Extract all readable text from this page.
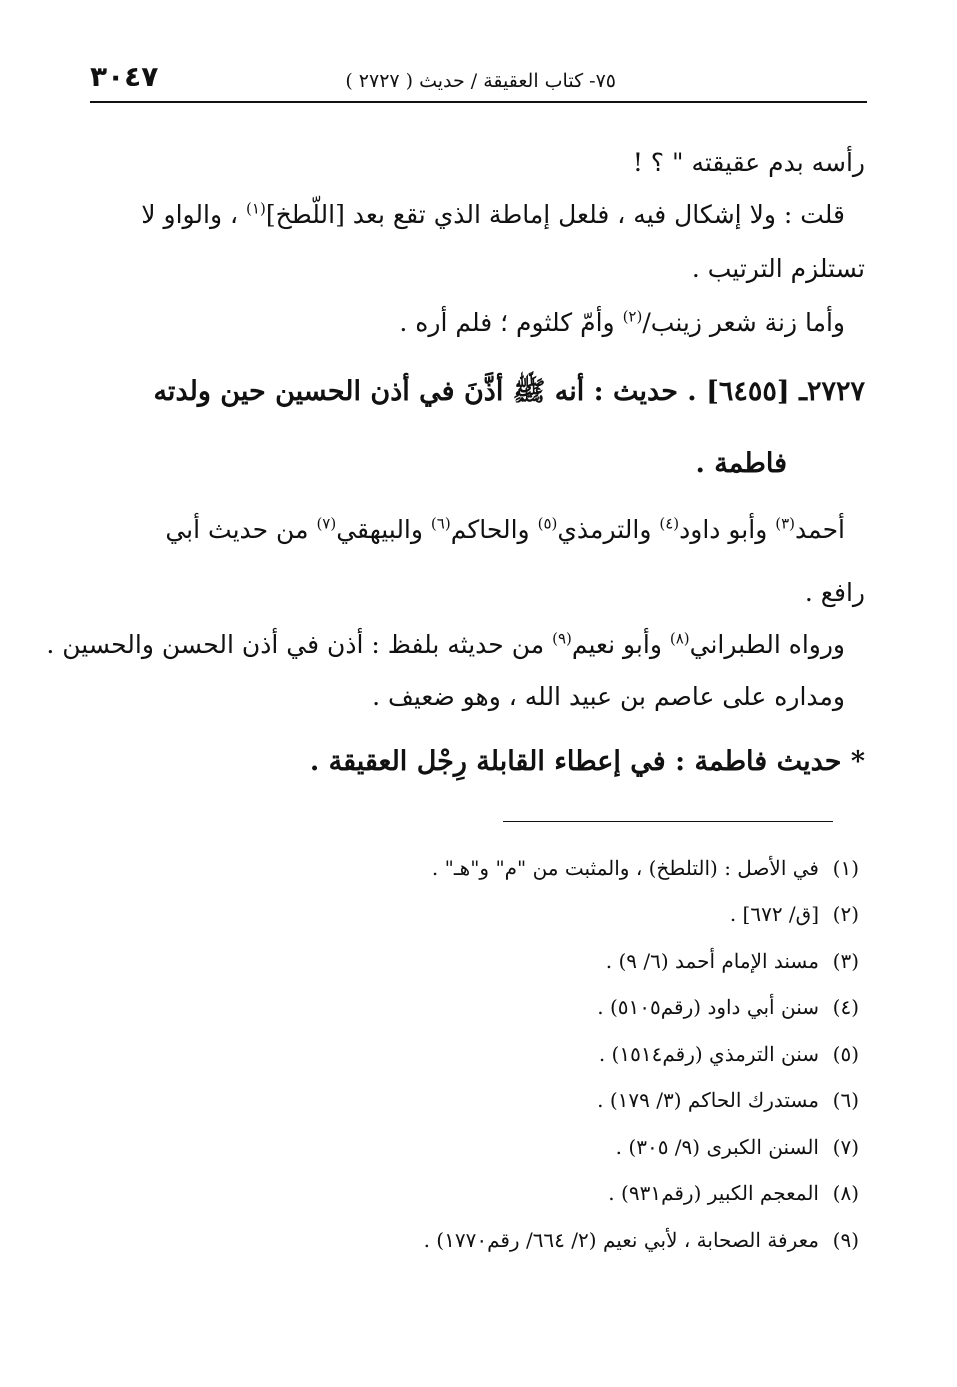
٧٥- كتاب العقيقة / حديث ( ٢٧٢٧ )
٣٠٤٧
رأسه بدم عقيقته " ؟ !
قلت : ولا إشكال فيه ، فلعل إماطة الذي تقع بعد [اللّطخ]$^{(١)}$ ، والواو لا
تستلزم الترتيب .
وأما زنة شعر زينب/$^{(٢)}$ وأمّ كلثوم ؛ فلم أره .
٢٧٢٧ـ [٦٤٥٥] . حديث : أنه ﷺ أذَّنَ في أذن الحسين حين ولدته
فاطمة .
أحمد$^{(٣)}$ وأبو داود$^{(٤)}$ والترمذي$^{(٥)}$ والحاكم$^{(٦)}$ والبيهقي$^{(٧)}$ من حديث أبي
رافع .
ورواه الطبراني$^{(٨)}$ وأبو نعيم$^{(٩)}$ من حديثه بلفظ : أذن في أذن الحسن والحسين .
ومداره على عاصم بن عبيد الله ، وهو ضعيف .
* حديث فاطمة : في إعطاء القابلة رِجْل العقيقة .
(١)في الأصل : (التلطخ) ، والمثبت من "م" و"هـ" .
(٢)[ق/ ٦٧٢] .
(٣)مسند الإمام أحمد (٦/ ٩) .
(٤)سنن أبي داود (رقم٥١٠٥) .
(٥)سنن الترمذي (رقم١٥١٤) .
(٦)مستدرك الحاكم (٣/ ١٧٩) .
(٧)السنن الكبرى (٩/ ٣٠٥) .
(٨)المعجم الكبير (رقم٩٣١) .
(٩)معرفة الصحابة ، لأبي نعيم (٢/ ٦٦٤/ رقم١٧٧٠) .
